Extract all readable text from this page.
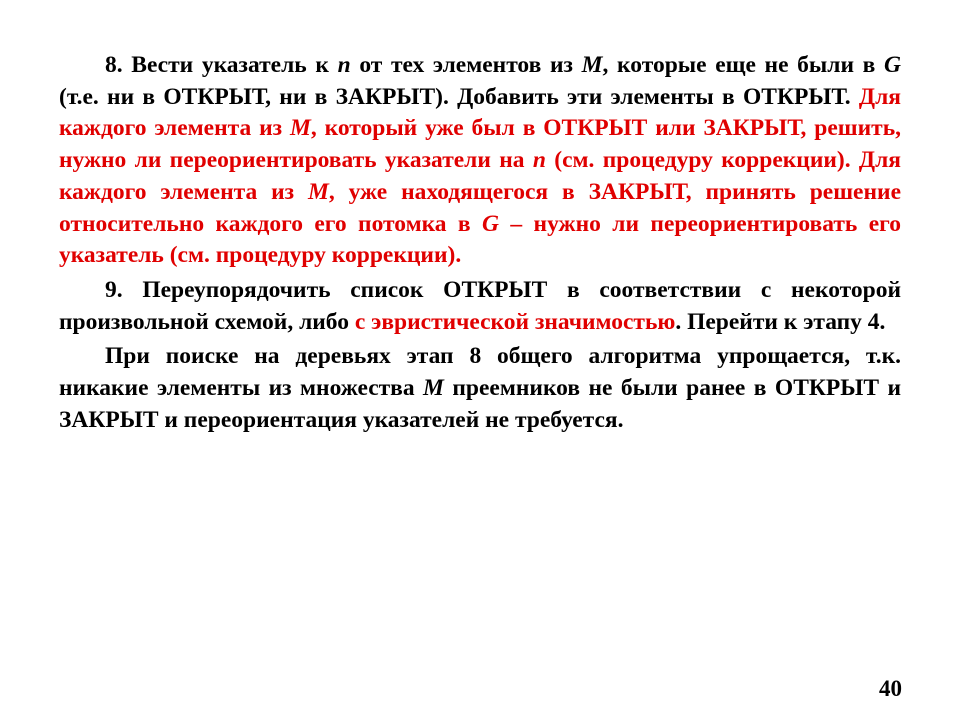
8. Вести указатель к n от тех элементов из M, которые еще не были в G (т.е. ни в ОТКРЫТ, ни в ЗАКРЫТ). Добавить эти элементы в ОТКРЫТ. Для каждого элемента из M, который уже был в ОТКРЫТ или ЗАКРЫТ, решить, нужно ли переориентировать указатели на n (см. процедуру коррекции). Для каждого элемента из M, уже находящегося в ЗАКРЫТ, принять решение относительно каждого его потомка в G – нужно ли переориентировать его указатель (см. процедуру коррекции).

9. Переупорядочить список ОТКРЫТ в соответствии с некоторой произвольной схемой, либо с эвристической значимостью. Перейти к этапу 4.

При поиске на деревьях этап 8 общего алгоритма упрощается, т.к. никакие элементы из множества M преемников не были ранее в ОТКРЫТ и ЗАКРЫТ и переориентация указателей не требуется.

40
